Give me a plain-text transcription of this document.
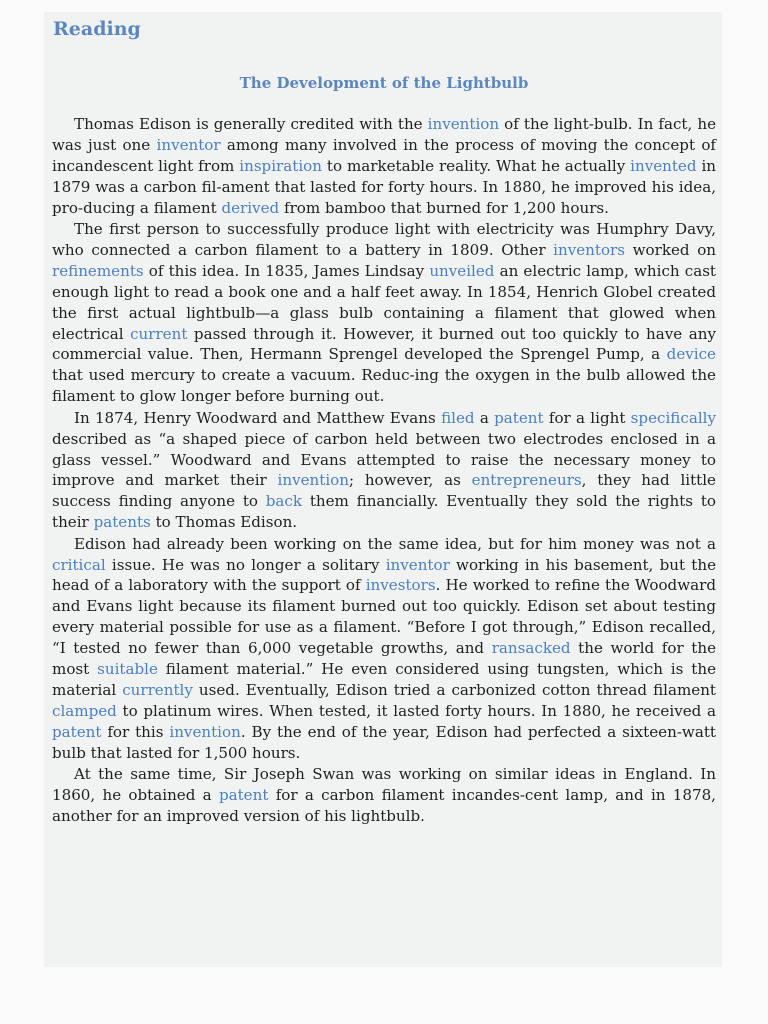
Reading
The Development of the Lightbulb

Thomas Edison is generally credited with the invention of the light-bulb. In fact, he was just one inventor among many involved in the process of moving the concept of incandescent light from inspiration to marketable reality. What he actually invented in 1879 was a carbon fil-ament that lasted for forty hours. In 1880, he improved his idea, pro-ducing a filament derived from bamboo that burned for 1,200 hours.

The first person to successfully produce light with electricity was Humphry Davy, who connected a carbon filament to a battery in 1809. Other inventors worked on refinements of this idea. In 1835, James Lindsay unveiled an electric lamp, which cast enough light to read a book one and a half feet away. In 1854, Henrich Globel created the first actual lightbulb—a glass bulb containing a filament that glowed when electrical current passed through it. However, it burned out too quickly to have any commercial value. Then, Hermann Sprengel developed the Sprengel Pump, a device that used mercury to create a vacuum. Reduc-ing the oxygen in the bulb allowed the filament to glow longer before burning out.

In 1874, Henry Woodward and Matthew Evans filed a patent for a light specifically described as “a shaped piece of carbon held between two electrodes enclosed in a glass vessel.” Woodward and Evans attempted to raise the necessary money to improve and market their invention; however, as entrepreneurs, they had little success finding anyone to back them financially. Eventually they sold the rights to their patents to Thomas Edison.

Edison had already been working on the same idea, but for him money was not a critical issue. He was no longer a solitary inventor working in his basement, but the head of a laboratory with the support of investors. He worked to refine the Woodward and Evans light because its filament burned out too quickly. Edison set about testing every material possible for use as a filament. “Before I got through,” Edison recalled, “I tested no fewer than 6,000 vegetable growths, and ransacked the world for the most suitable filament material.” He even considered using tungsten, which is the material currently used. Eventually, Edison tried a carbonized cotton thread filament clamped to platinum wires. When tested, it lasted forty hours. In 1880, he received a patent for this invention. By the end of the year, Edison had perfected a sixteen-watt bulb that lasted for 1,500 hours.

At the same time, Sir Joseph Swan was working on similar ideas in England. In 1860, he obtained a patent for a carbon filament incandes-cent lamp, and in 1878, another for an improved version of his lightbulb.
